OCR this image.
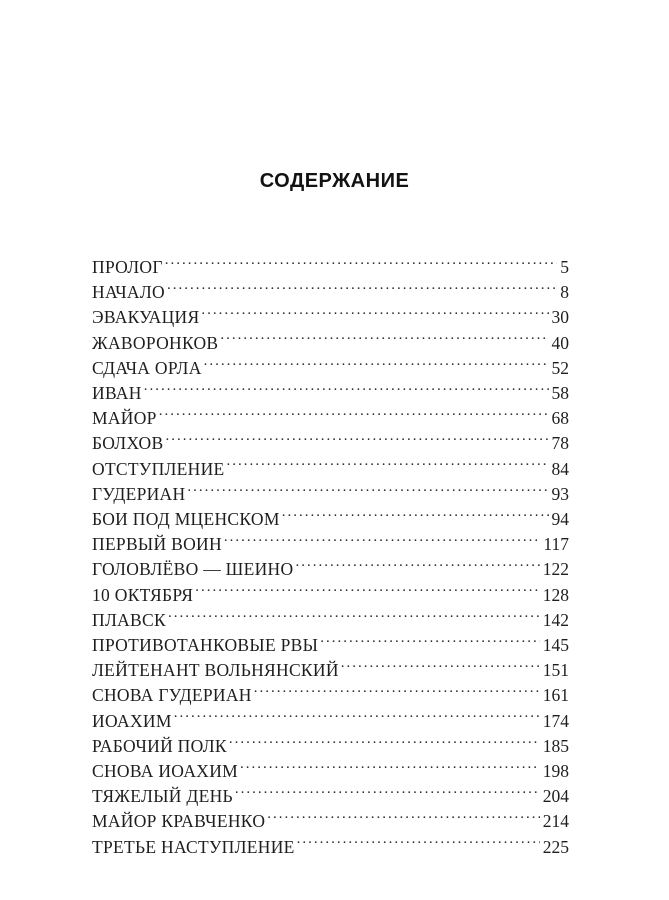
СОДЕРЖАНИЕ
ПРОЛОГ .....	5
НАЧАЛО .....	8
ЭВАКУАЦИЯ .....	30
ЖАВОРОНКОВ .....	40
СДАЧА ОРЛА .....	52
ИВАН .....	58
МАЙОР .....	68
БОЛХОВ .....	78
ОТСТУПЛЕНИЕ .....	84
ГУДЕРИАН .....	93
БОИ ПОД МЦЕНСКОМ .....	94
ПЕРВЫЙ ВОИН .....	117
ГОЛОВЛЁВО — ШЕИНО .....	122
10 ОКТЯБРЯ .....	128
ПЛАВСК .....	142
ПРОТИВОТАНКОВЫЕ РВЫ .....	145
ЛЕЙТЕНАНТ ВОЛЬНЯНСКИЙ .....	151
СНОВА ГУДЕРИАН .....	161
ИОАХИМ .....	174
РАБОЧИЙ ПОЛК .....	185
СНОВА ИОАХИМ .....	198
ТЯЖЕЛЫЙ ДЕНЬ .....	204
МАЙОР КРАВЧЕНКО .....	214
ТРЕТЬЕ НАСТУПЛЕНИЕ .....	225
